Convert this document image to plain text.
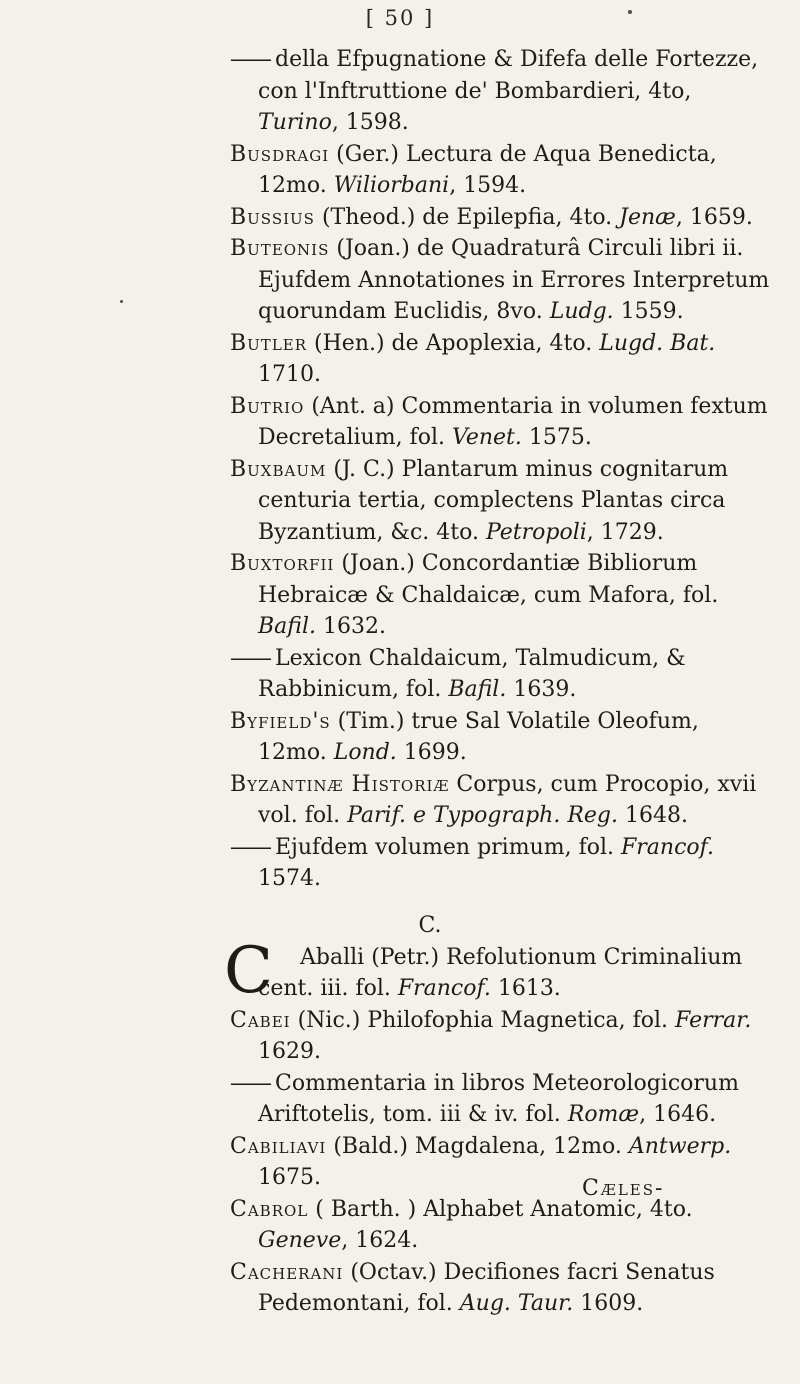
[ 50 ]

—— della Efpugnatione & Difefa delle Fortezze, con l'Inftruttione de' Bombardieri, 4to, Turino, 1598.

Busdragi (Ger.) Lectura de Aqua Benedicta, 12mo. Wiliorbani, 1594.

Bussius (Theod.) de Epilepfia, 4to. Jenæ, 1659.

Buteonis (Joan.) de Quadraturâ Circuli libri ii. Ejufdem Annotationes in Errores Interpretum quorundam Euclidis, 8vo. Ludg. 1559.

Butler (Hen.) de Apoplexia, 4to. Lugd. Bat. 1710.

Butrio (Ant. a) Commentaria in volumen fextum Decretalium, fol. Venet. 1575.

Buxbaum (J. C.) Plantarum minus cognitarum centuria tertia, complectens Plantas circa Byzantium, &c. 4to. Petropoli, 1729.

Buxtorfii (Joan.) Concordantiæ Bibliorum Hebraicæ & Chaldaicæ, cum Mafora, fol. Bafil. 1632.

—— Lexicon Chaldaicum, Talmudicum, & Rabbinicum, fol. Bafil. 1639.

Byfield's (Tim.) true Sal Volatile Oleofum, 12mo. Lond. 1699.

Byzantinæ Historiæ Corpus, cum Procopio, xvii vol. fol. Parif. e Typograph. Reg. 1648.

—— Ejufdem volumen primum, fol. Francof. 1574.

C.
C Aballi (Petr.) Refolutionum Criminalium cent. iii. fol. Francof. 1613.

Cabei (Nic.) Philofophia Magnetica, fol. Ferrar. 1629.

—— Commentaria in libros Meteorologicorum Ariftotelis, tom. iii & iv. fol. Romæ, 1646.

Cabiliavi (Bald.) Magdalena, 12mo. Antwerp. 1675.

Cabrol ( Barth. ) Alphabet Anatomic, 4to. Geneve, 1624.

Cacherani (Octav.) Decifiones facri Senatus Pedemontani, fol. Aug. Taur. 1609.

Cæles-
